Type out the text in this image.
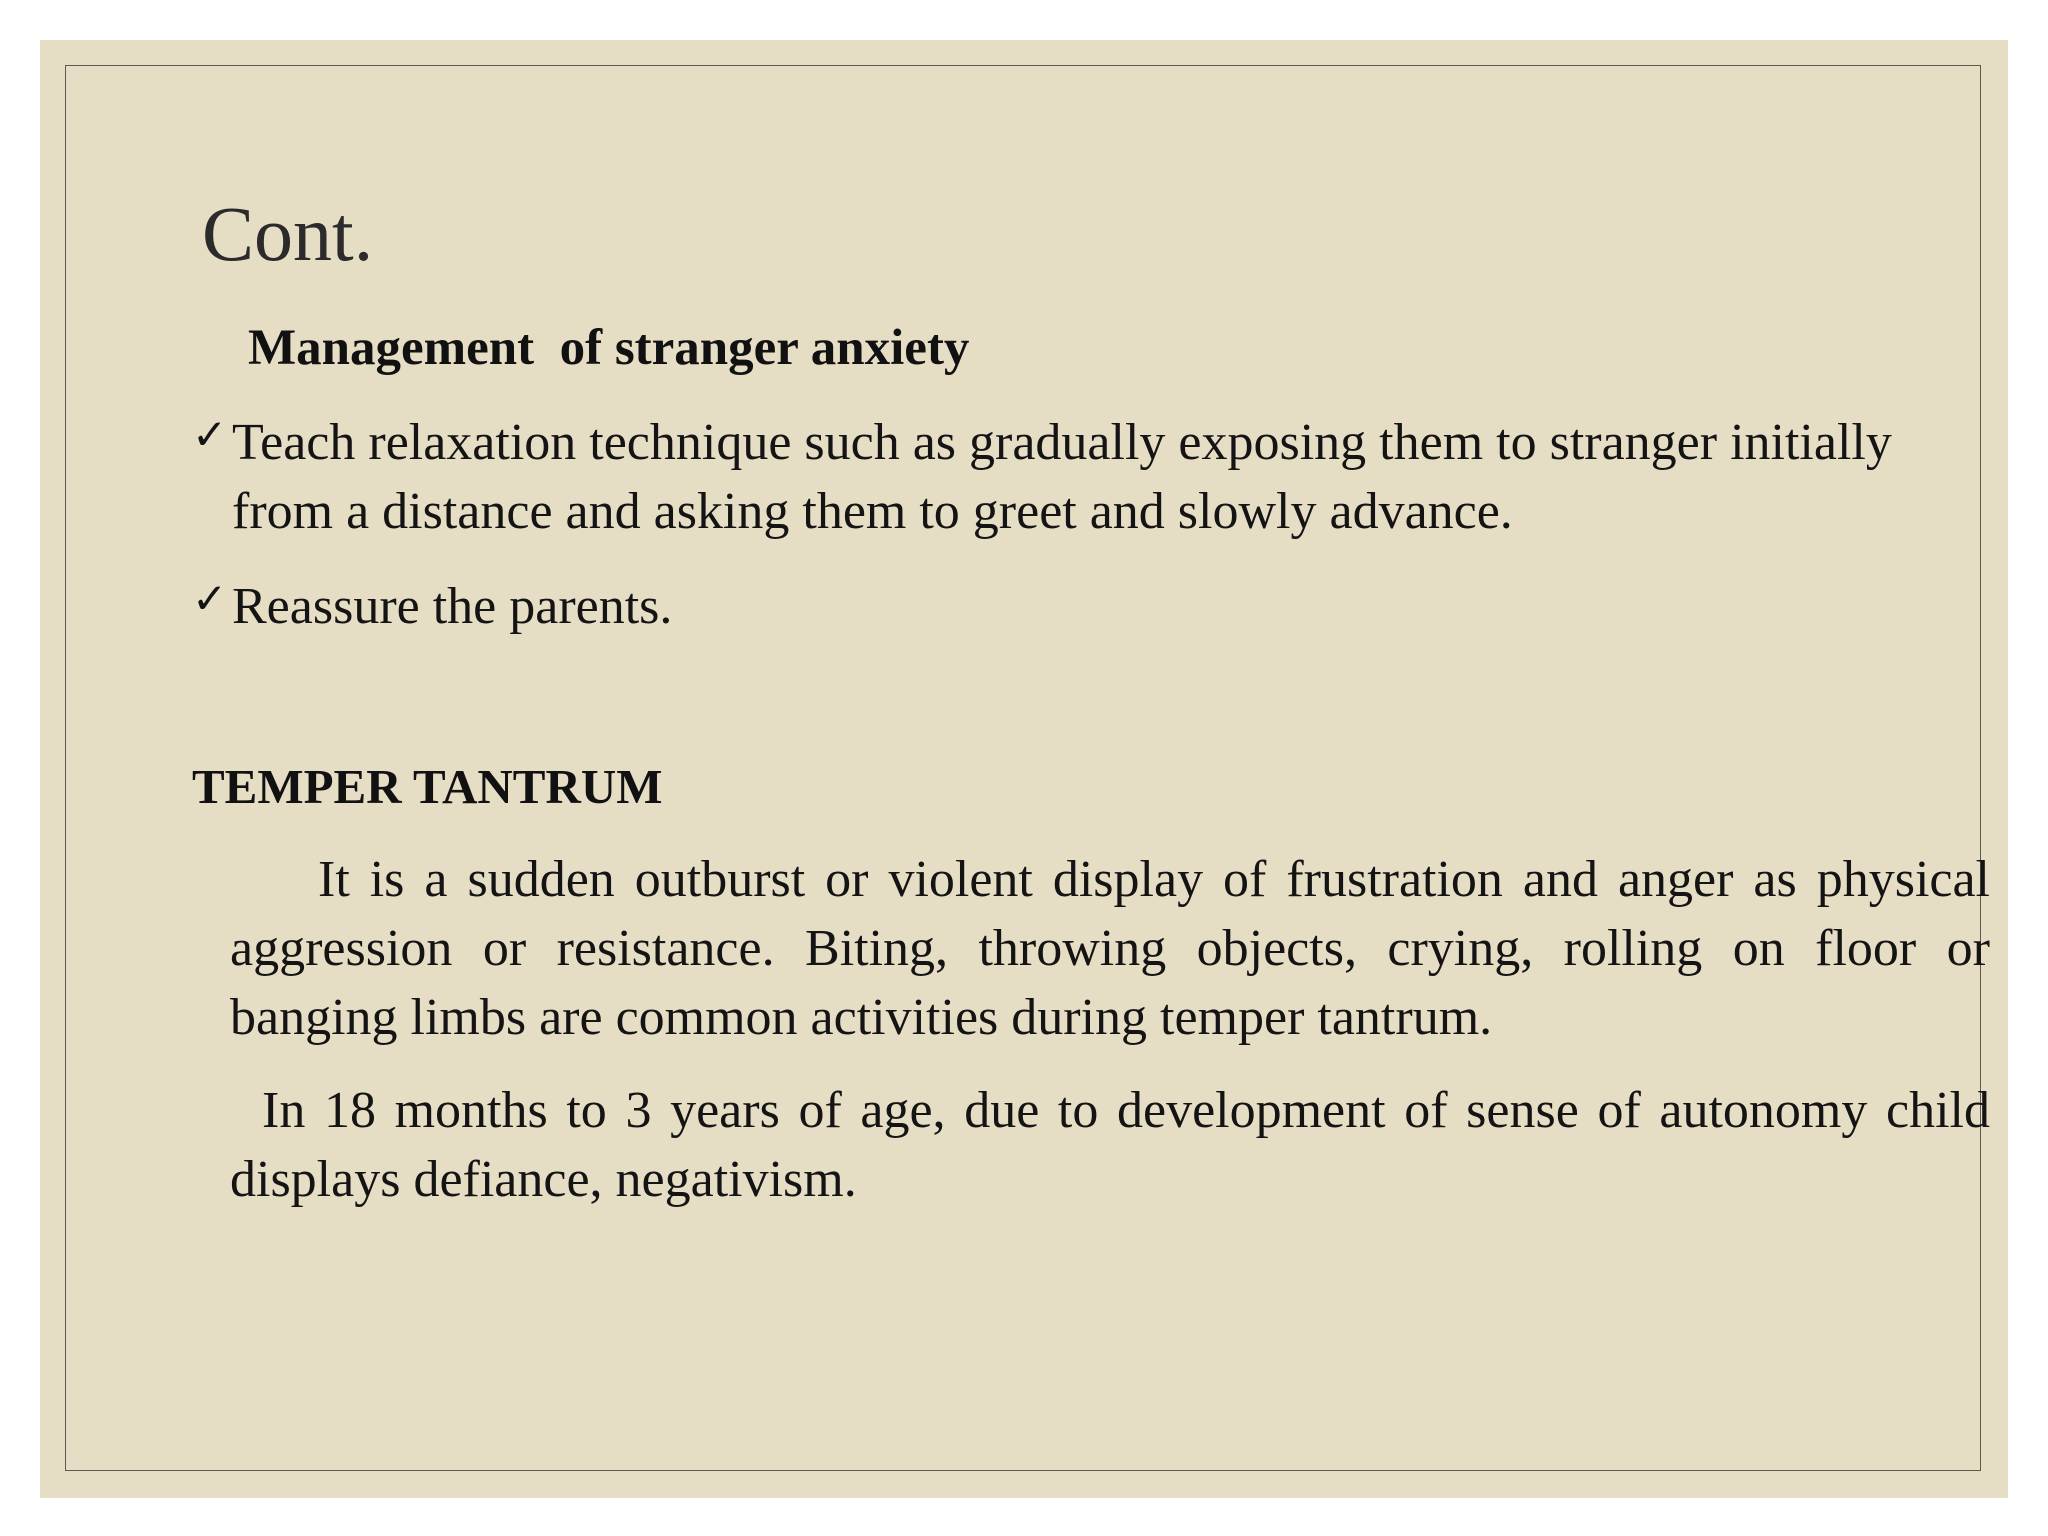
Cont.
Management  of stranger anxiety
✓ Teach relaxation technique such as gradually exposing them to stranger initially from a distance and asking them to greet and slowly advance.
✓ Reassure the parents.
TEMPER TANTRUM

It is a sudden outburst or violent display of frustration and anger as physical aggression or resistance. Biting, throwing objects, crying, rolling on floor or banging limbs are common activities during temper tantrum.

In 18 months to 3 years of age, due to development of sense of autonomy child displays defiance, negativism.
